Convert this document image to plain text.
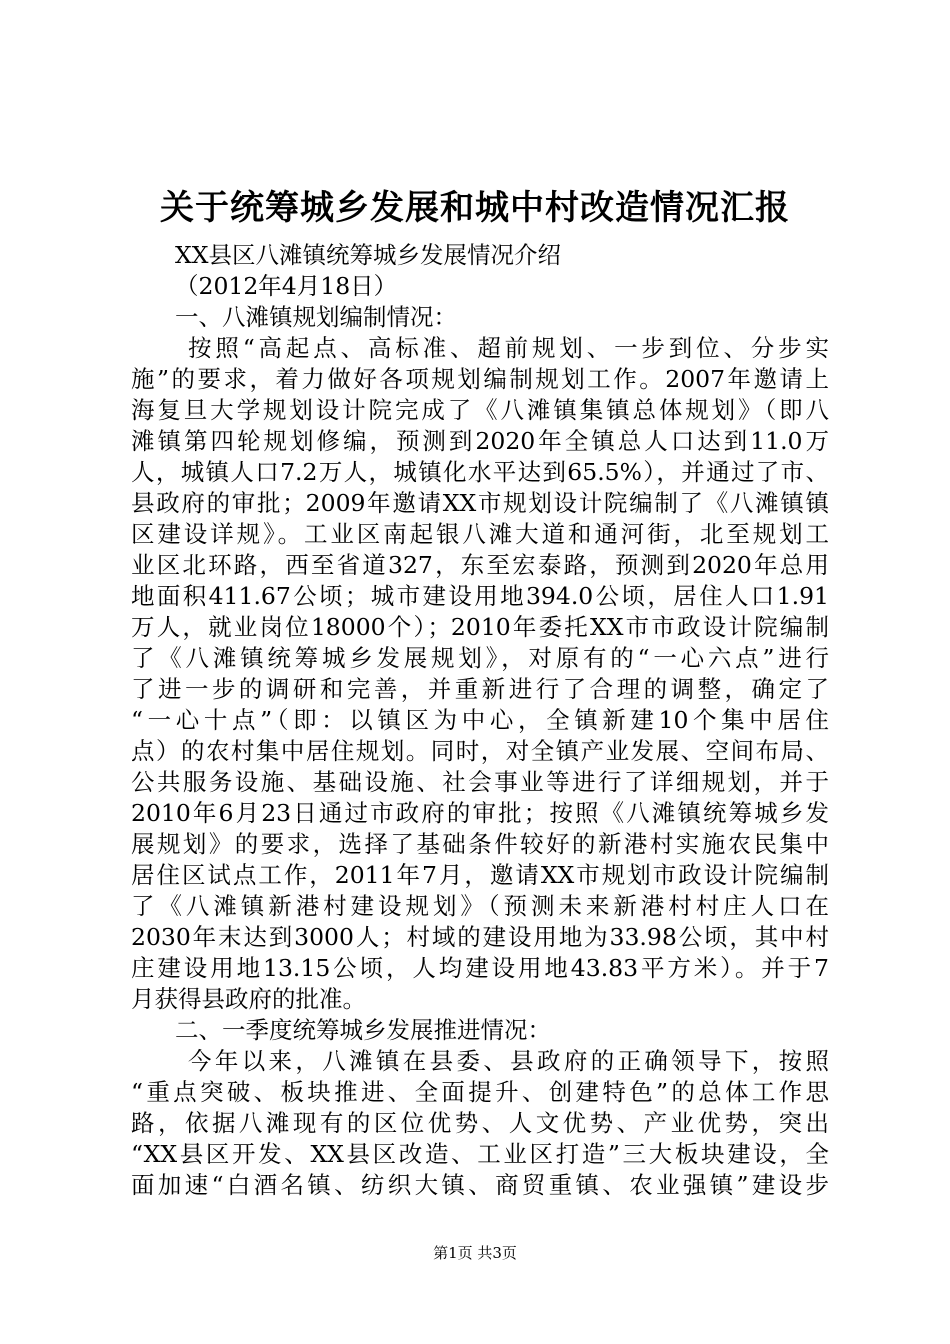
关于统筹城乡发展和城中村改造情况汇报
XX县区八滩镇统筹城乡发展情况介绍
（2012年4月18日）
一、八滩镇规划编制情况：
按照“高起点、高标准、超前规划、一步到位、分步实
施”的要求，着力做好各项规划编制规划工作。2007年邀请上
海复旦大学规划设计院完成了《八滩镇集镇总体规划》（即八
滩镇第四轮规划修编，预测到2020年全镇总人口达到11.0万
人，城镇人口7.2万人，城镇化水平达到65.5%），并通过了市、
县政府的审批；2009年邀请XX市规划设计院编制了《八滩镇镇
区建设详规》。工业区南起银八滩大道和通河街，北至规划工
业区北环路，西至省道327，东至宏泰路，预测到2020年总用
地面积411.67公顷；城市建设用地394.0公顷，居住人口1.91
万人，就业岗位18000个）；2010年委托XX市市政设计院编制
了《八滩镇统筹城乡发展规划》，对原有的“一心六点”进行
了进一步的调研和完善，并重新进行了合理的调整，确定了
“一心十点”（即：以镇区为中心，全镇新建10个集中居住
点）的农村集中居住规划。同时，对全镇产业发展、空间布局、
公共服务设施、基础设施、社会事业等进行了详细规划，并于
2010年6月23日通过市政府的审批；按照《八滩镇统筹城乡发
展规划》的要求，选择了基础条件较好的新港村实施农民集中
居住区试点工作，2011年7月，邀请XX市规划市政设计院编制
了《八滩镇新港村建设规划》（预测未来新港村村庄人口在
2030年末达到3000人；村域的建设用地为33.98公顷，其中村
庄建设用地13.15公顷，人均建设用地43.83平方米）。并于7
月获得县政府的批准。
二、一季度统筹城乡发展推进情况：
今年以来，八滩镇在县委、县政府的正确领导下，按照
“重点突破、板块推进、全面提升、创建特色”的总体工作思
路，依据八滩现有的区位优势、人文优势、产业优势，突出
“XX县区开发、XX县区改造、工业区打造”三大板块建设，全
面加速“白酒名镇、纺织大镇、商贸重镇、农业强镇”建设步
第1页 共3页
